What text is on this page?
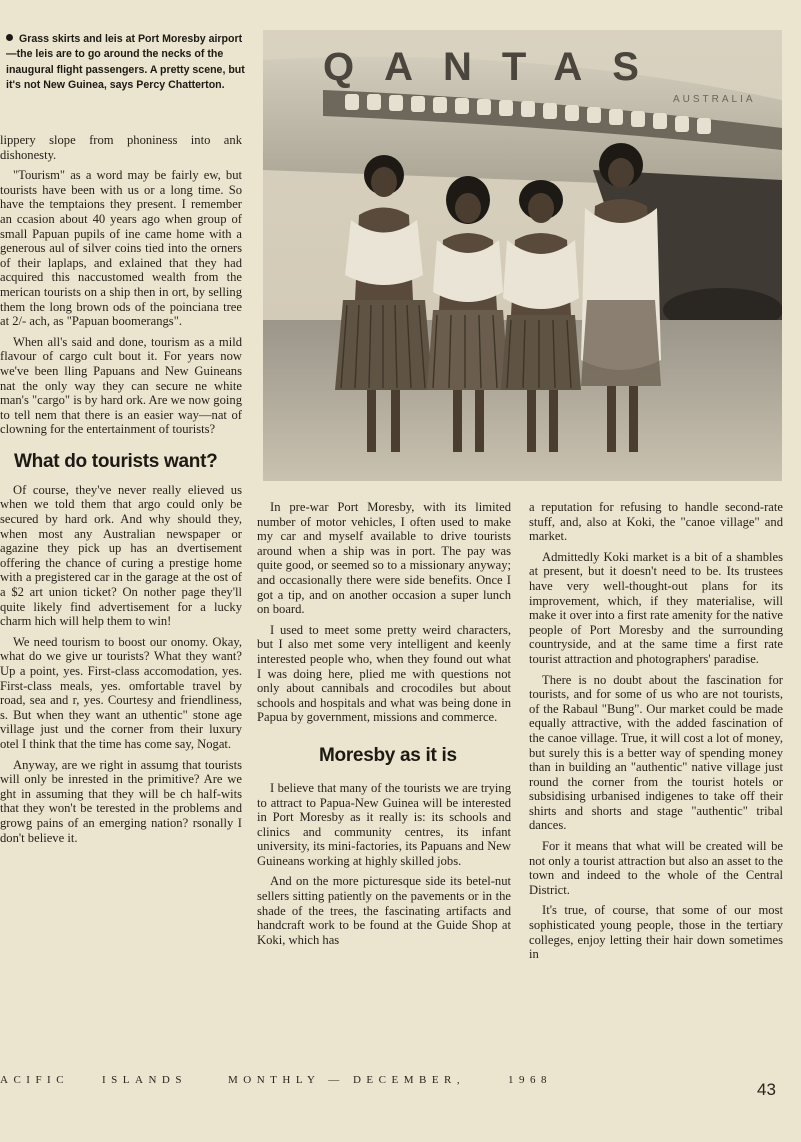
Grass skirts and leis at Port Moresby airport—the leis are to go around the necks of the inaugural flight passengers. A pretty scene, but it's not New Guinea, says Percy Chatterton.	QANTAS
AUSTRALIA

lippery slope from phoniness into ank dishonesty.

"Tourism" as a word may be fairly ew, but tourists have been with us or a long time. So have the temptaions they present. I remember an ccasion about 40 years ago when group of small Papuan pupils of ine came home with a generous aul of silver coins tied into the orners of their laplaps, and exlained that they had acquired this naccustomed wealth from the merican tourists on a ship then in ort, by selling them the long brown ods of the poinciana tree at 2/- ach, as "Papuan boomerangs".

When all's said and done, tourism as a mild flavour of cargo cult bout it. For years now we've been lling Papuans and New Guineans nat the only way they can secure ne white man's "cargo" is by hard ork. Are we now going to tell nem that there is an easier way—nat of clowning for the entertainment of tourists?

What do tourists want?

Of course, they've never really elieved us when we told them that argo could only be secured by hard ork. And why should they, when most any Australian newspaper or agazine they pick up has an dvertisement offering the chance of curing a prestige home with a pregistered car in the garage at the ost of a $2 art union ticket? On nother page they'll quite likely find advertisement for a lucky charm hich will help them to win!

We need tourism to boost our onomy. Okay, what do we give ur tourists? What they want? Up a point, yes. First-class accomodation, yes. First-class meals, yes. omfortable travel by road, sea and r, yes. Courtesy and friendliness, s. But when they want an uthentic" stone age village just und the corner from their luxury otel I think that the time has come say, Nogat.

Anyway, are we right in assumg that tourists will only be inrested in the primitive? Are we ght in assuming that they will be ch half-wits that they won't be terested in the problems and growg pains of an emerging nation? rsonally I don't believe it.

In pre-war Port Moresby, with its limited number of motor vehicles, I often used to make my car and myself available to drive tourists around when a ship was in port. The pay was quite good, or seemed so to a missionary anyway; and occasionally there were side benefits. Once I got a tip, and on another occasion a super lunch on board.

I used to meet some pretty weird characters, but I also met some very intelligent and keenly interested people who, when they found out what I was doing here, plied me with questions not only about cannibals and crocodiles but about schools and hospitals and what was being done in Papua by government, missions and commerce.

Moresby as it is

I believe that many of the tourists we are trying to attract to Papua-New Guinea will be interested in Port Moresby as it really is: its schools and clinics and community centres, its infant university, its mini-factories, its Papuans and New Guineans working at highly skilled jobs.

And on the more picturesque side its betel-nut sellers sitting patiently on the pavements or in the shade of the trees, the fascinating artifacts and handcraft work to be found at the Guide Shop at Koki, which has

a reputation for refusing to handle second-rate stuff, and, also at Koki, the "canoe village" and market.

Admittedly Koki market is a bit of a shambles at present, but it doesn't need to be. Its trustees have very well-thought-out plans for its improvement, which, if they materialise, will make it over into a first rate amenity for the native people of Port Moresby and the surrounding countryside, and at the same time a first rate tourist attraction and photographers' paradise.

There is no doubt about the fascination for tourists, and for some of us who are not tourists, of the Rabaul "Bung". Our market could be made equally attractive, with the added fascination of the canoe village. True, it will cost a lot of money, but surely this is a better way of spending money than in building an "authentic" native village just round the corner from the tourist hotels or subsidising urbanised indigenes to take off their shirts and shorts and stage "authentic" tribal dances.

For it means that what will be created will be not only a tourist attraction but also an asset to the town and indeed to the whole of the Central District.

It's true, of course, that some of our most sophisticated young people, those in the tertiary colleges, enjoy letting their hair down sometimes in

ACIFIC	ISLANDS	MONTHLY — DECEMBER,	1968	43
